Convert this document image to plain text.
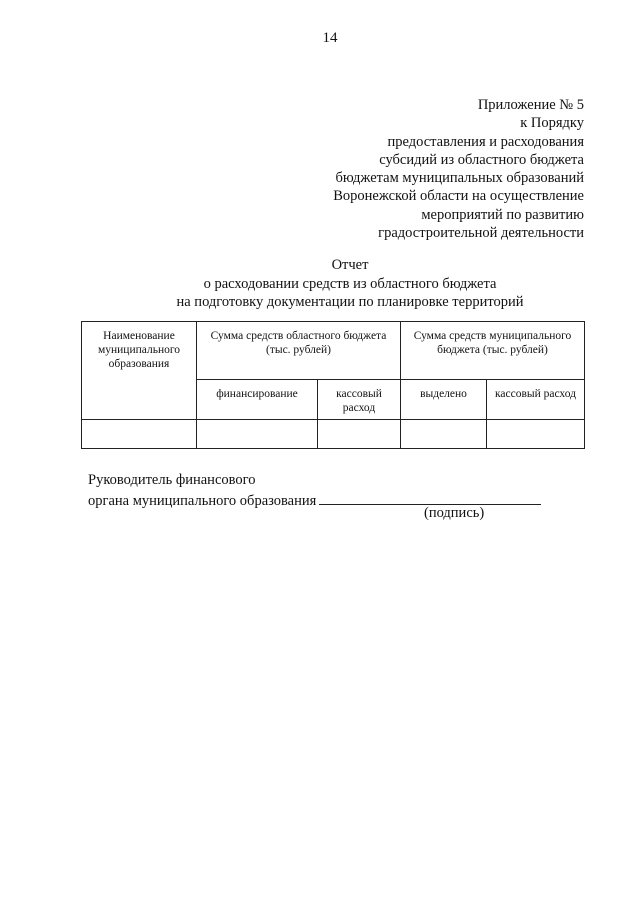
14
Приложение № 5
к Порядку
предоставления и расходования
субсидий из областного бюджета
бюджетам муниципальных образований
Воронежской области на осуществление
мероприятий по развитию
градостроительной деятельности
Отчет
о расходовании средств из областного бюджета
на подготовку документации по планировке территорий
Наименование муниципального образования	Сумма средств областного бюджета (тыс. рублей)		Сумма средств муниципального бюджета (тыс. рублей)	
	финансирование	кассовый расход	выделено	кассовый расход

Руководитель финансового
органа муниципального образования
(подпись)
